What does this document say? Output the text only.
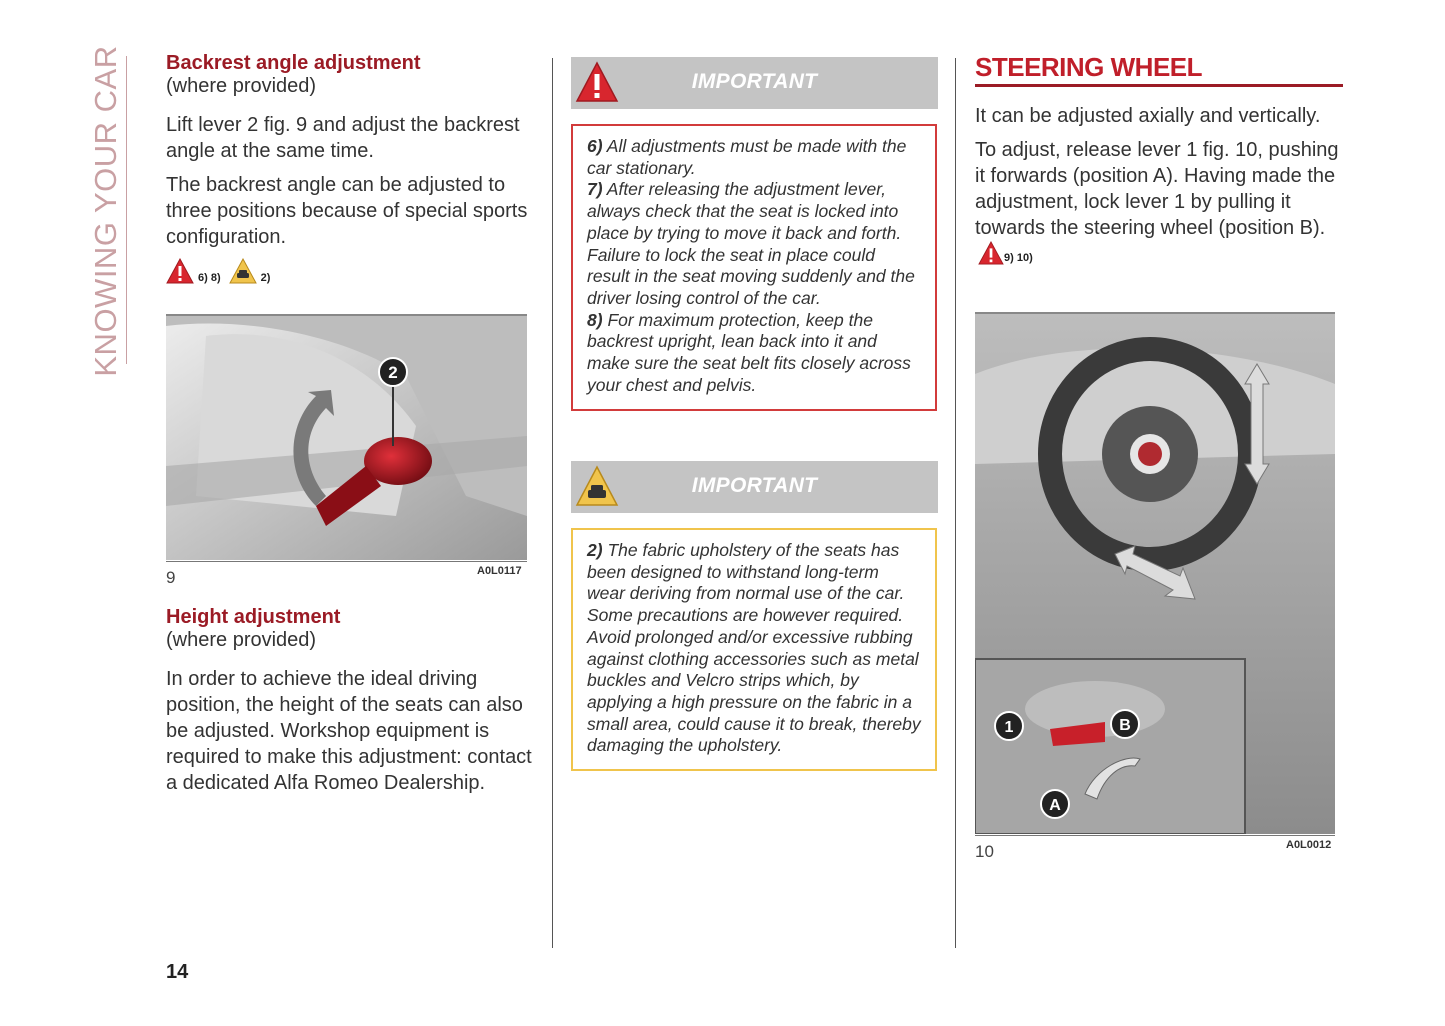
KNOWING YOUR CAR Backrest angle adjustment
(where provided)

Lift lever 2 fig. 9 and adjust the backrest angle at the same time.

The backrest angle can be adjusted to three positions because of special sports configuration.

6) 8)	2)
2
9	A0L0117
Height adjustment
(where provided)

In order to achieve the ideal driving position, the height of the seats can also be adjusted. Workshop equipment is required to make this adjustment: contact a dedicated Alfa Romeo Dealership.

IMPORTANT
6) All adjustments must be made with the car stationary.
7) After releasing the adjustment lever, always check that the seat is locked into place by trying to move it back and forth. Failure to lock the seat in place could result in the seat moving suddenly and the driver losing control of the car.
8) For maximum protection, keep the backrest upright, lean back into it and make sure the seat belt fits closely across your chest and pelvis.
IMPORTANT
2) The fabric upholstery of the seats has been designed to withstand long-term wear deriving from normal use of the car. Some precautions are however required. Avoid prolonged and/or excessive rubbing against clothing accessories such as metal buckles and Velcro strips which, by applying a high pressure on the fabric in a small area, could cause it to break, thereby damaging the upholstery.
STEERING WHEEL

It can be adjusted axially and vertically.

To adjust, release lever 1 fig. 10, pushing it forwards (position A). Having made the adjustment, lock lever 1 by pulling it towards the steering wheel (position B). 9) 10)

1	B
A
10	A0L0012
14
